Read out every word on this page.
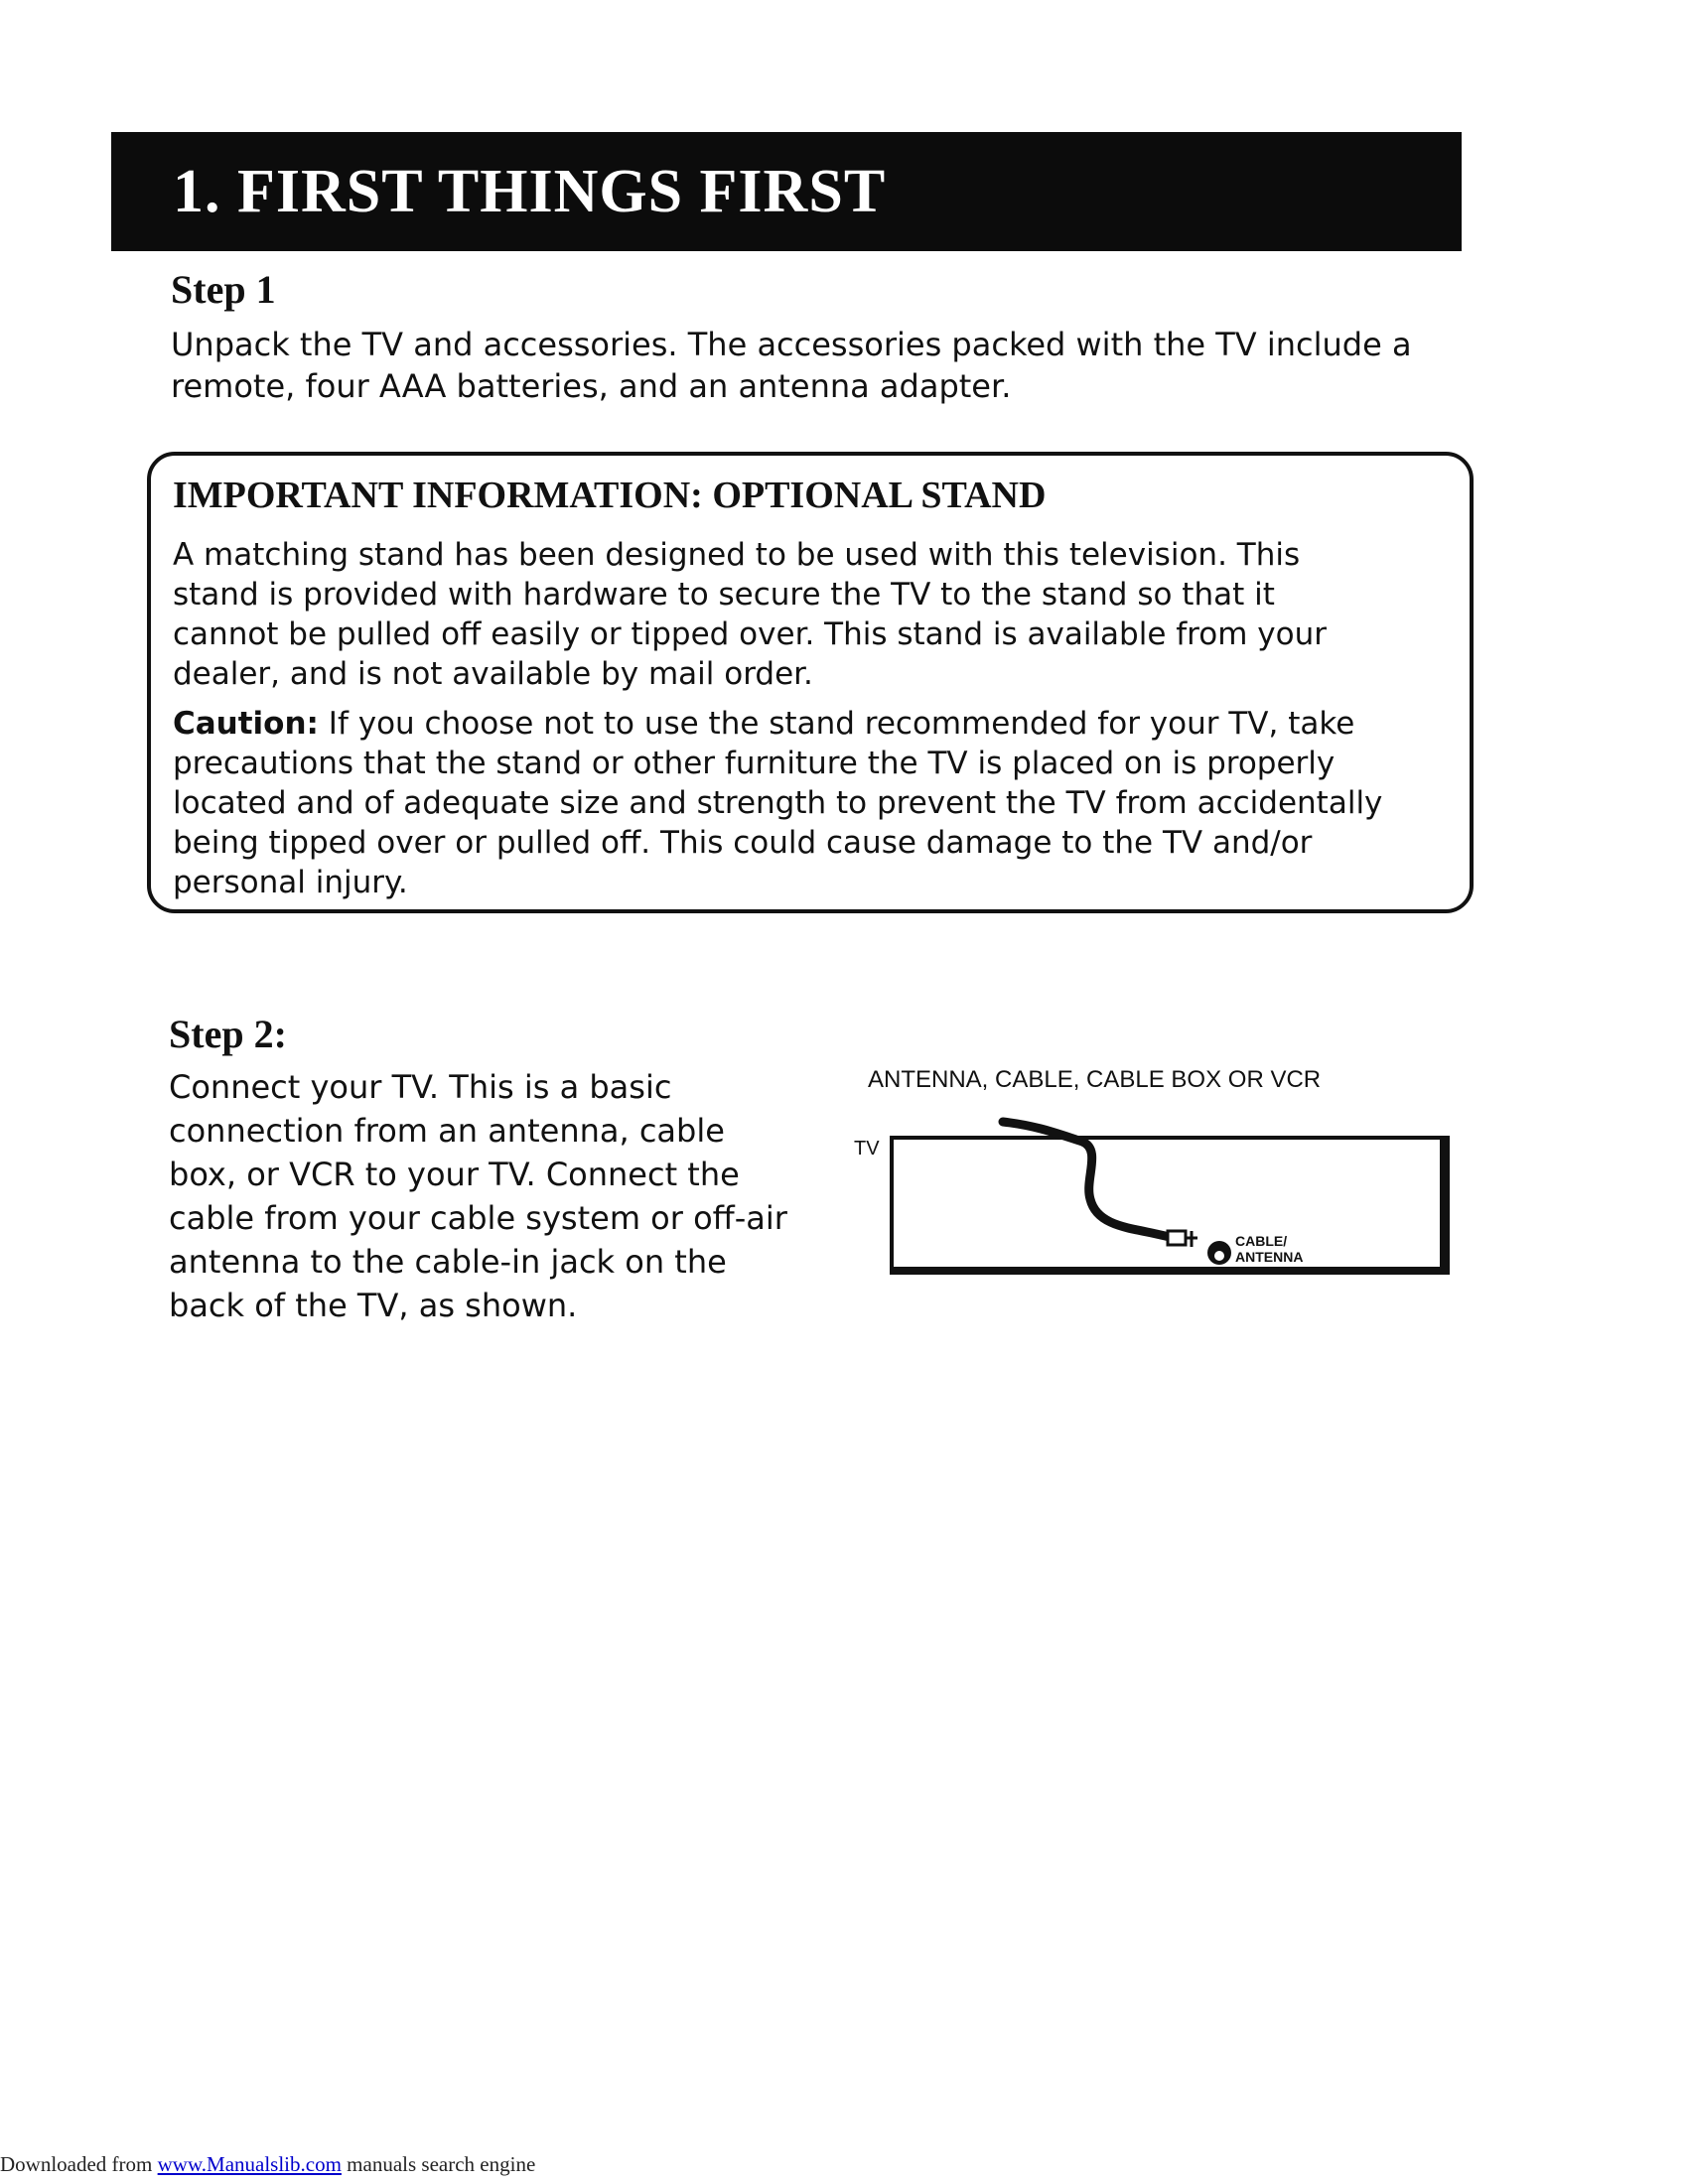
1. FIRST THINGS FIRST
Step 1

Unpack the TV and accessories. The accessories packed with the TV include a

remote, four AAA batteries, and an antenna adapter.

IMPORTANT INFORMATION: OPTIONAL STAND

A matching stand has been designed to be used with this television. This

stand is provided with hardware to secure the TV to the stand so that it

cannot be pulled off easily or tipped over. This stand is available from your

dealer, and is not available by mail order.

Caution: If you choose not to use the stand recommended for your TV, take

precautions that the stand or other furniture the TV is placed on is properly

located and of adequate size and strength to prevent the TV from accidentally

being tipped over or pulled off. This could cause damage to the TV and/or

personal injury.

Step 2:

Connect your TV. This is a basic

connection from an antenna, cable

box, or VCR to your TV. Connect the

cable from your cable system or off-air

antenna to the cable-in jack on the

back of the TV, as shown.

ANTENNA, CABLE, CABLE BOX OR VCR
TV
CABLE/
ANTENNA
Downloaded from www.Manualslib.com manuals search engine
